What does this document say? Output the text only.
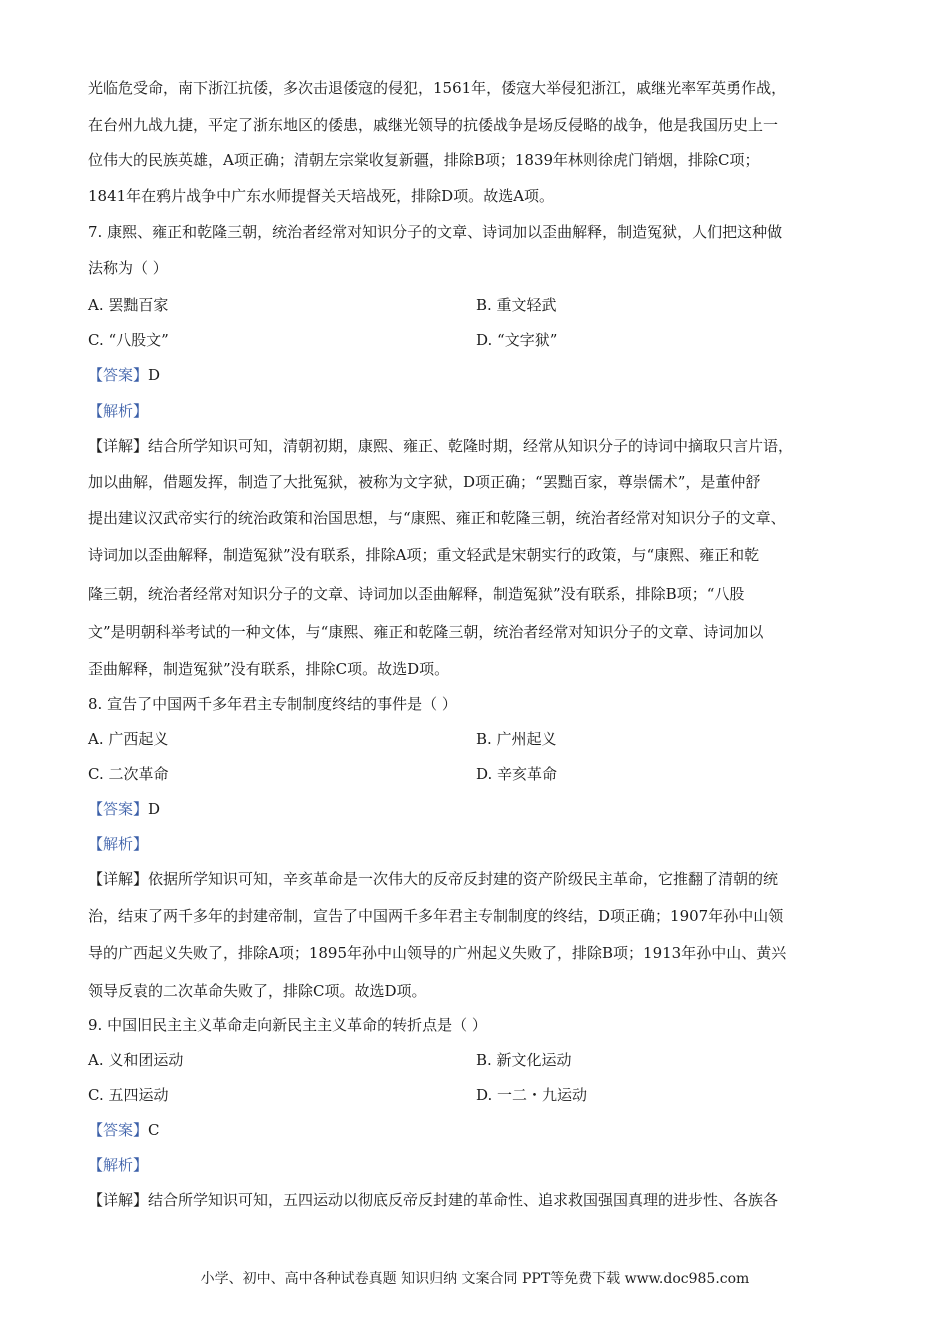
光临危受命，南下浙江抗倭，多次击退倭寇的侵犯，1561年，倭寇大举侵犯浙江，戚继光率军英勇作战，
在台州九战九捷，平定了浙东地区的倭患，戚继光领导的抗倭战争是场反侵略的战争，他是我国历史上一
位伟大的民族英雄，A项正确；清朝左宗棠收复新疆，排除B项；1839年林则徐虎门销烟，排除C项；
1841年在鸦片战争中广东水师提督关天培战死，排除D项。故选A项。
7. 康熙、雍正和乾隆三朝，统治者经常对知识分子的文章、诗词加以歪曲解释，制造冤狱，人们把这种做
法称为（ ）
A. 罢黜百家	B. 重文轻武
C. “八股文”	D. “文字狱”
【答案】D
【解析】
【详解】结合所学知识可知，清朝初期，康熙、雍正、乾隆时期，经常从知识分子的诗词中摘取只言片语，
加以曲解，借题发挥，制造了大批冤狱，被称为文字狱，D项正确；“罢黜百家，尊崇儒术”，是董仲舒
提出建议汉武帝实行的统治政策和治国思想，与“康熙、雍正和乾隆三朝，统治者经常对知识分子的文章、
诗词加以歪曲解释，制造冤狱”没有联系，排除A项；重文轻武是宋朝实行的政策，与“康熙、雍正和乾
隆三朝，统治者经常对知识分子的文章、诗词加以歪曲解释，制造冤狱”没有联系，排除B项；“八股
文”是明朝科举考试的一种文体，与“康熙、雍正和乾隆三朝，统治者经常对知识分子的文章、诗词加以
歪曲解释，制造冤狱”没有联系，排除C项。故选D项。
8. 宣告了中国两千多年君主专制制度终结的事件是（ ）
A. 广西起义	B. 广州起义
C. 二次革命	D. 辛亥革命
【答案】D
【解析】
【详解】依据所学知识可知，辛亥革命是一次伟大的反帝反封建的资产阶级民主革命，它推翻了清朝的统
治，结束了两千多年的封建帝制，宣告了中国两千多年君主专制制度的终结，D项正确；1907年孙中山领
导的广西起义失败了，排除A项；1895年孙中山领导的广州起义失败了，排除B项；1913年孙中山、黄兴
领导反袁的二次革命失败了，排除C项。故选D项。
9. 中国旧民主主义革命走向新民主主义革命的转折点是（ ）
A. 义和团运动	B. 新文化运动
C. 五四运动	D. 一二・九运动
【答案】C
【解析】
【详解】结合所学知识可知，五四运动以彻底反帝反封建的革命性、追求救国强国真理的进步性、各族各
小学、初中、高中各种试卷真题 知识归纳 文案合同 PPT等免费下载 www.doc985.com
